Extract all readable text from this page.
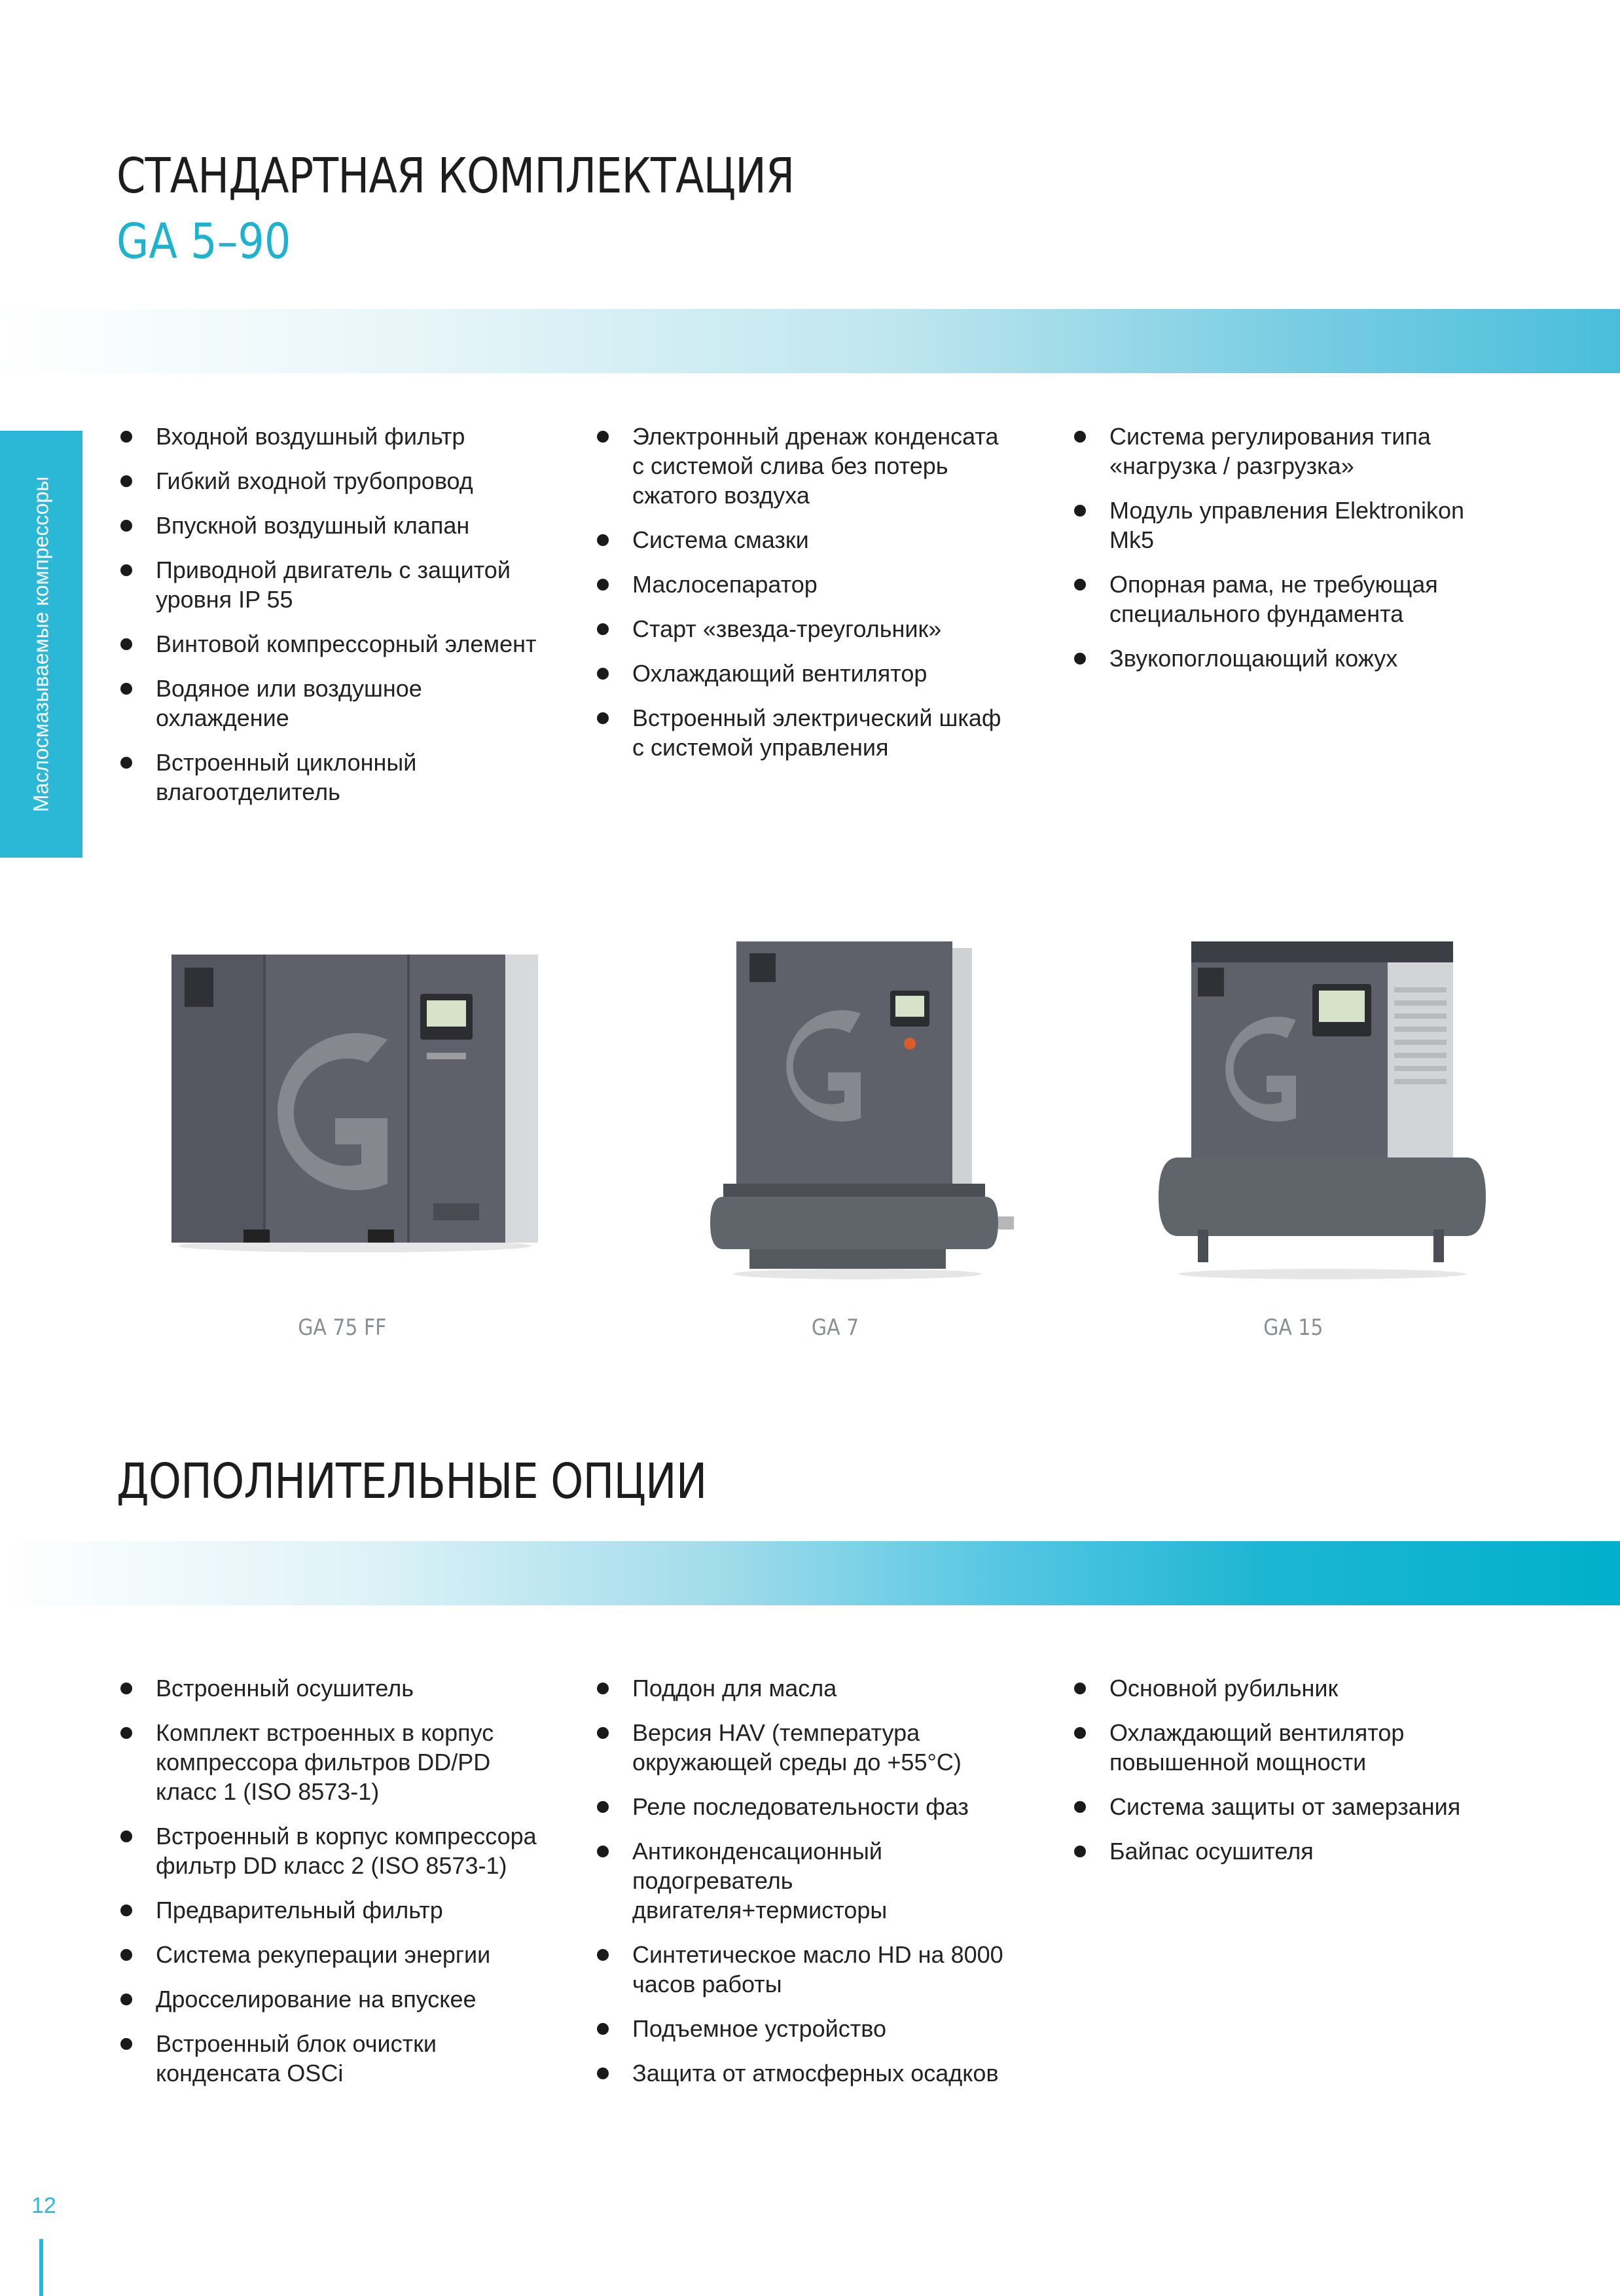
СТАНДАРТНАЯ КОМПЛЕКТАЦИЯ
GA 5–90
Маслосмазываемые компрессоры
Входной воздушный фильтр
Гибкий входной трубопровод
Впускной воздушный клапан
Приводной двигатель с защитой уровня IP 55
Винтовой компрессорный элемент
Водяное или воздушное охлаждение
Встроенный циклонный влагоотделитель
Электронный дренаж конденсата с системой слива без потерь сжатого воздуха
Система смазки
Маслосепаратор
Старт «звезда-треугольник»
Охлаждающий вентилятор
Встроенный электрический шкаф с системой управления
Система регулирования типа «нагрузка / разгрузка»
Модуль управления Elektronikon Mk5
Опорная рама, не требующая специального фундамента
Звукопоглощающий кожух
GA 75 FF	GA 7	GA 15
ДОПОЛНИТЕЛЬНЫЕ ОПЦИИ
Встроенный осушитель
Комплект встроенных в корпус компрессора фильтров DD/PD класс 1 (ISO 8573-1)
Встроенный в корпус компрессора фильтр DD класс 2 (ISO 8573-1)
Предварительный фильтр
Система рекуперации энергии
Дросселирование на впускее
Встроенный блок очистки конденсата OSCi
Поддон для масла
Версия HAV (температура окружающей среды до +55°C)
Реле последовательности фаз
Антиконденсационный подогреватель двигателя+термисторы
Синтетическое масло HD на 8000 часов работы
Подъемное устройство
Защита от атмосферных осадков
Основной рубильник
Охлаждающий вентилятор повышенной мощности
Система защиты от замерзания
Байпас осушителя
12
